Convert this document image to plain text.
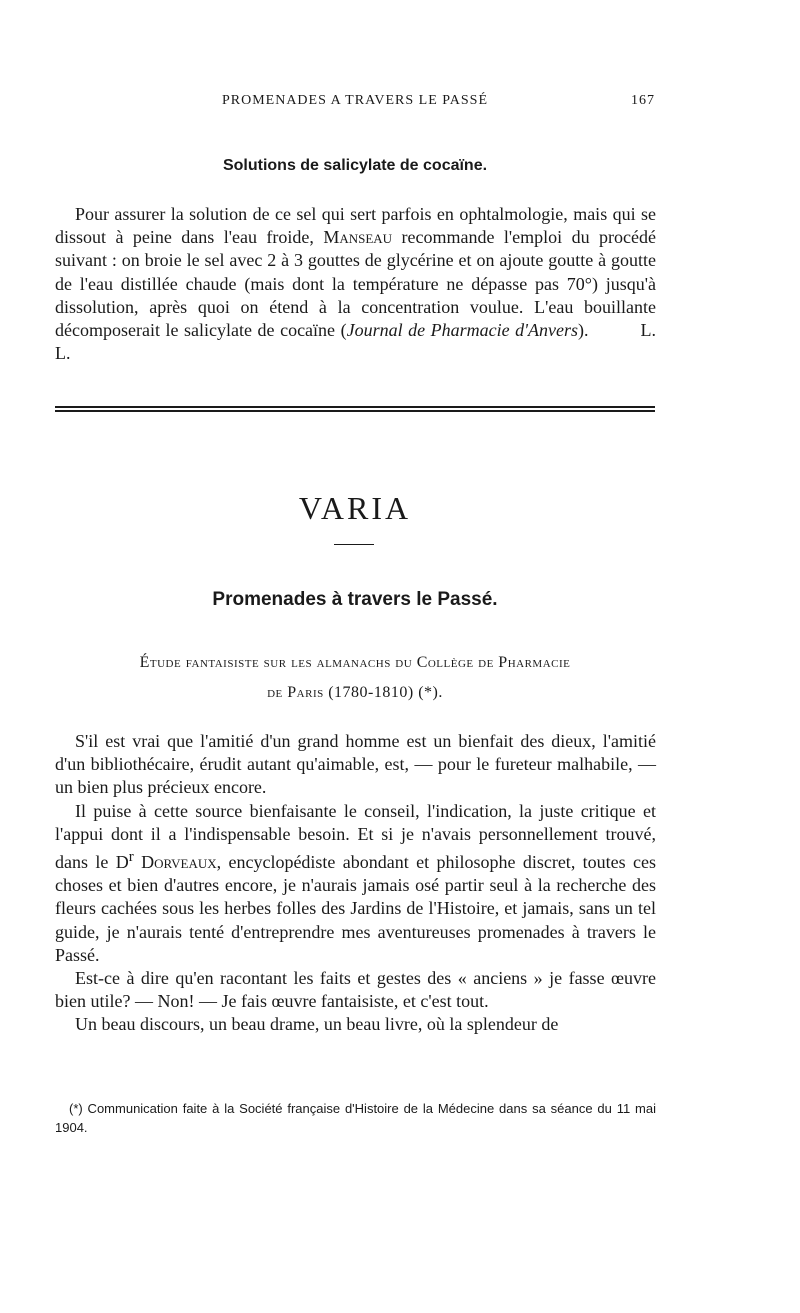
PROMENADES A TRAVERS LE PASSÉ	167
Solutions de salicylate de cocaïne.

Pour assurer la solution de ce sel qui sert parfois en ophtalmologie, mais qui se dissout à peine dans l'eau froide, Manseau recommande l'emploi du procédé suivant : on broie le sel avec 2 à 3 gouttes de glycérine et on ajoute goutte à goutte de l'eau distillée chaude (mais dont la température ne dépasse pas 70°) jusqu'à dissolution, après quoi on étend à la concentration voulue. L'eau bouillante décomposerait le salicylate de cocaïne (Journal de Pharmacie d'Anvers).	L. L.

VARIA
Promenades à travers le Passé.
Étude fantaisiste sur les almanachs du Collège de Pharmacie
de Paris (1780-1810) (*).

S'il est vrai que l'amitié d'un grand homme est un bienfait des dieux, l'amitié d'un bibliothécaire, érudit autant qu'aimable, est, — pour le fureteur malhabile, — un bien plus précieux encore.

Il puise à cette source bienfaisante le conseil, l'indication, la juste critique et l'appui dont il a l'indispensable besoin. Et si je n'avais personnellement trouvé, dans le $D^r$ Dorveaux, encyclopédiste abondant et philosophe discret, toutes ces choses et bien d'autres encore, je n'aurais jamais osé partir seul à la recherche des fleurs cachées sous les herbes folles des Jardins de l'Histoire, et jamais, sans un tel guide, je n'aurais tenté d'entreprendre mes aventureuses promenades à travers le Passé.

Est-ce à dire qu'en racontant les faits et gestes des « anciens » je fasse œuvre bien utile? — Non! — Je fais œuvre fantaisiste, et c'est tout.

Un beau discours, un beau drame, un beau livre, où la splendeur de

(*) Communication faite à la Société française d'Histoire de la Médecine dans sa séance du 11 mai 1904.
